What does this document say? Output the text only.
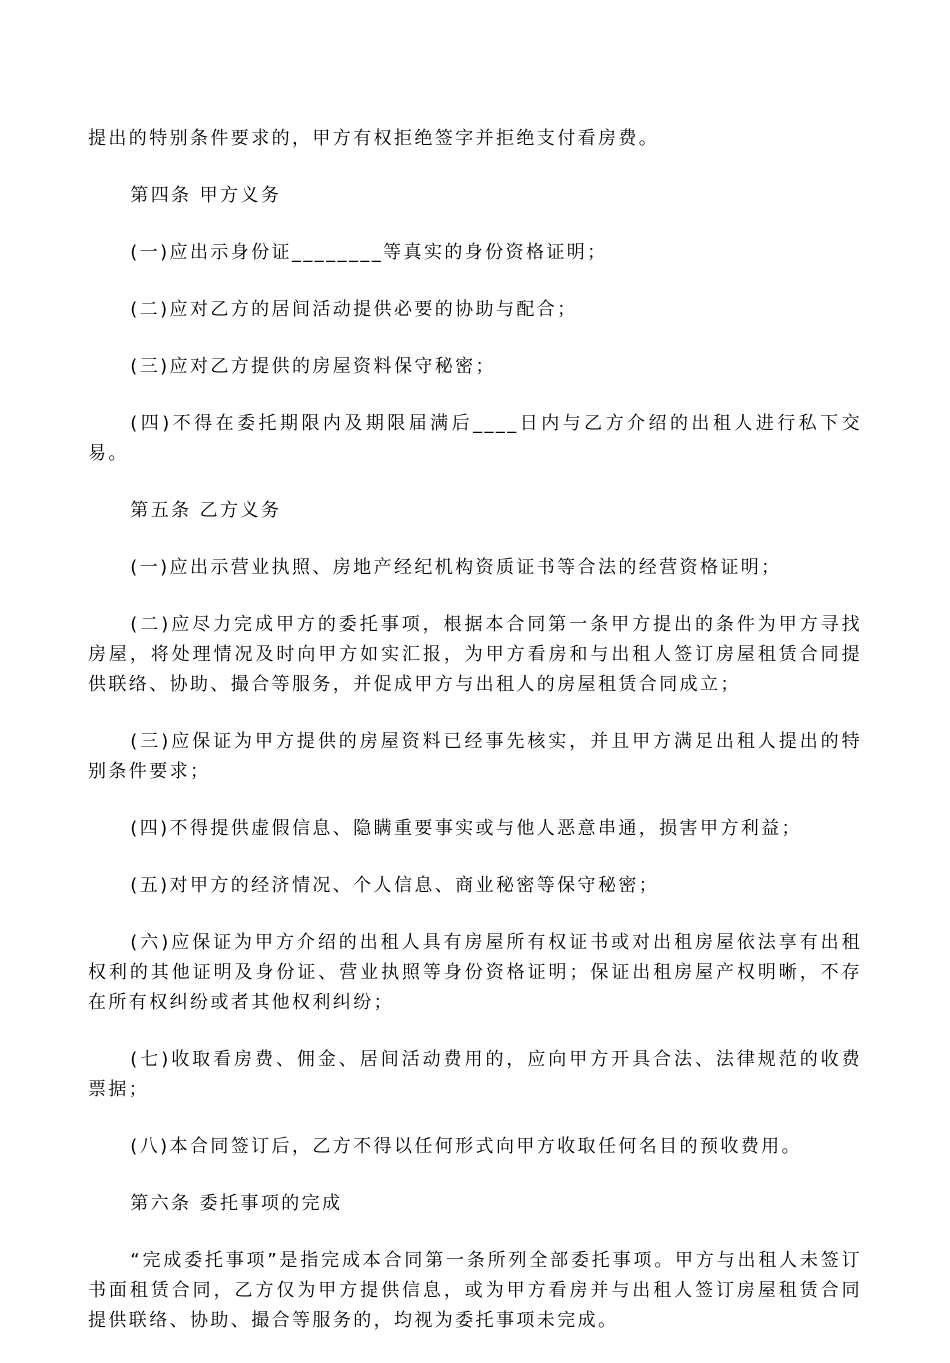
提出的特别条件要求的，甲方有权拒绝签字并拒绝支付看房费。

第四条 甲方义务

(一)应出示身份证________等真实的身份资格证明；

(二)应对乙方的居间活动提供必要的协助与配合；

(三)应对乙方提供的房屋资料保守秘密；

(四)不得在委托期限内及期限届满后____日内与乙方介绍的出租人进行私下交易。

第五条 乙方义务

(一)应出示营业执照、房地产经纪机构资质证书等合法的经营资格证明；

(二)应尽力完成甲方的委托事项，根据本合同第一条甲方提出的条件为甲方寻找房屋，将处理情况及时向甲方如实汇报，为甲方看房和与出租人签订房屋租赁合同提供联络、协助、撮合等服务，并促成甲方与出租人的房屋租赁合同成立；

(三)应保证为甲方提供的房屋资料已经事先核实，并且甲方满足出租人提出的特别条件要求；

(四)不得提供虚假信息、隐瞒重要事实或与他人恶意串通，损害甲方利益；

(五)对甲方的经济情况、个人信息、商业秘密等保守秘密；

(六)应保证为甲方介绍的出租人具有房屋所有权证书或对出租房屋依法享有出租权利的其他证明及身份证、营业执照等身份资格证明；保证出租房屋产权明晰，不存在所有权纠纷或者其他权利纠纷；

(七)收取看房费、佣金、居间活动费用的，应向甲方开具合法、法律规范的收费票据；

(八)本合同签订后，乙方不得以任何形式向甲方收取任何名目的预收费用。

第六条 委托事项的完成

“完成委托事项”是指完成本合同第一条所列全部委托事项。甲方与出租人未签订书面租赁合同，乙方仅为甲方提供信息，或为甲方看房并与出租人签订房屋租赁合同提供联络、协助、撮合等服务的，均视为委托事项未完成。
